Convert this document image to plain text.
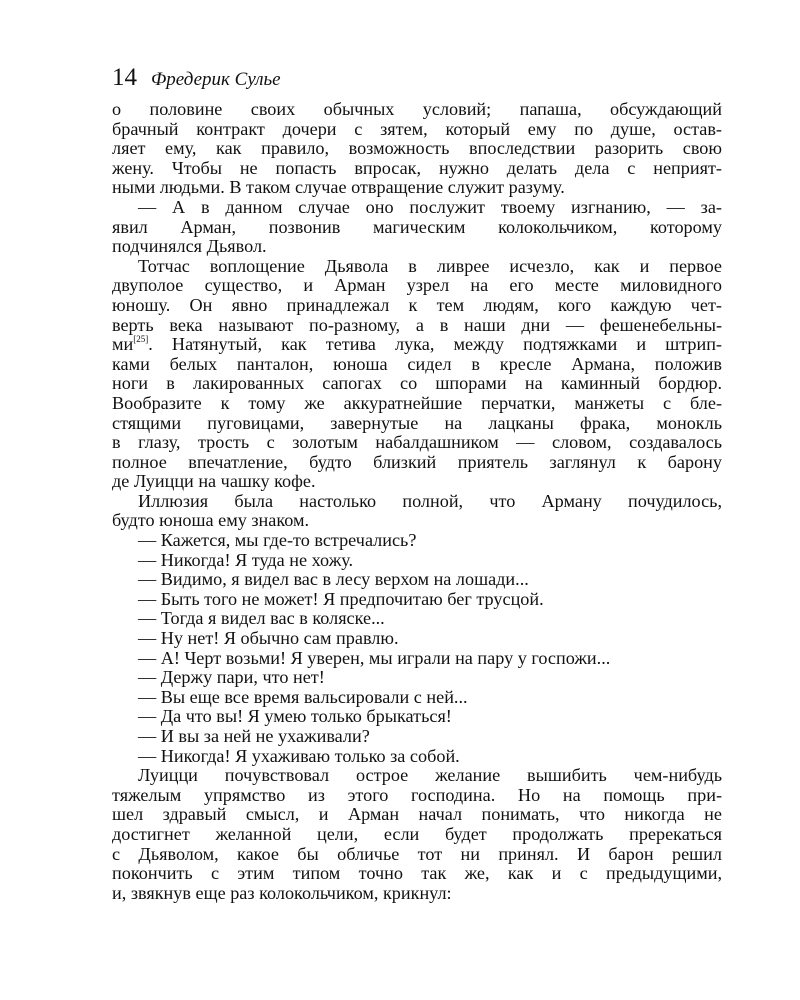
14 Фредерик Сулье
о половине своих обычных условий; папаша, обсуждающий
брачный контракт дочери с зятем, который ему по душе, остав-
ляет ему, как правило, возможность впоследствии разорить свою
жену. Чтобы не попасть впросак, нужно делать дела с неприят-
ными людьми. В таком случае отвращение служит разуму.
— А в данном случае оно послужит твоему изгнанию, — за-
явил Арман, позвонив магическим колокольчиком, которому
подчинялся Дьявол.
Тотчас воплощение Дьявола в ливрее исчезло, как и первое
двуполое существо, и Арман узрел на его месте миловидного
юношу. Он явно принадлежал к тем людям, кого каждую чет-
верть века называют по-разному, а в наши дни — фешенебельны-
ми[25]. Натянутый, как тетива лука, между подтяжками и штрип-
ками белых панталон, юноша сидел в кресле Армана, положив
ноги в лакированных сапогах со шпорами на каминный бордюр.
Вообразите к тому же аккуратнейшие перчатки, манжеты с бле-
стящими пуговицами, завернутые на лацканы фрака, монокль
в глазу, трость с золотым набалдашником — словом, создавалось
полное впечатление, будто близкий приятель заглянул к барону
де Луицци на чашку кофе.
Иллюзия была настолько полной, что Арману почудилось,
будто юноша ему знаком.
— Кажется, мы где-то встречались?
— Никогда! Я туда не хожу.
— Видимо, я видел вас в лесу верхом на лошади...
— Быть того не может! Я предпочитаю бег трусцой.
— Тогда я видел вас в коляске...
— Ну нет! Я обычно сам правлю.
— А! Черт возьми! Я уверен, мы играли на пару у госпожи...
— Держу пари, что нет!
— Вы еще все время вальсировали с ней...
— Да что вы! Я умею только брыкаться!
— И вы за ней не ухаживали?
— Никогда! Я ухаживаю только за собой.
Луицци почувствовал острое желание вышибить чем-нибудь
тяжелым упрямство из этого господина. Но на помощь при-
шел здравый смысл, и Арман начал понимать, что никогда не
достигнет желанной цели, если будет продолжать пререкаться
с Дьяволом, какое бы обличье тот ни принял. И барон решил
покончить с этим типом точно так же, как и с предыдущими,
и, звякнув еще раз колокольчиком, крикнул:
